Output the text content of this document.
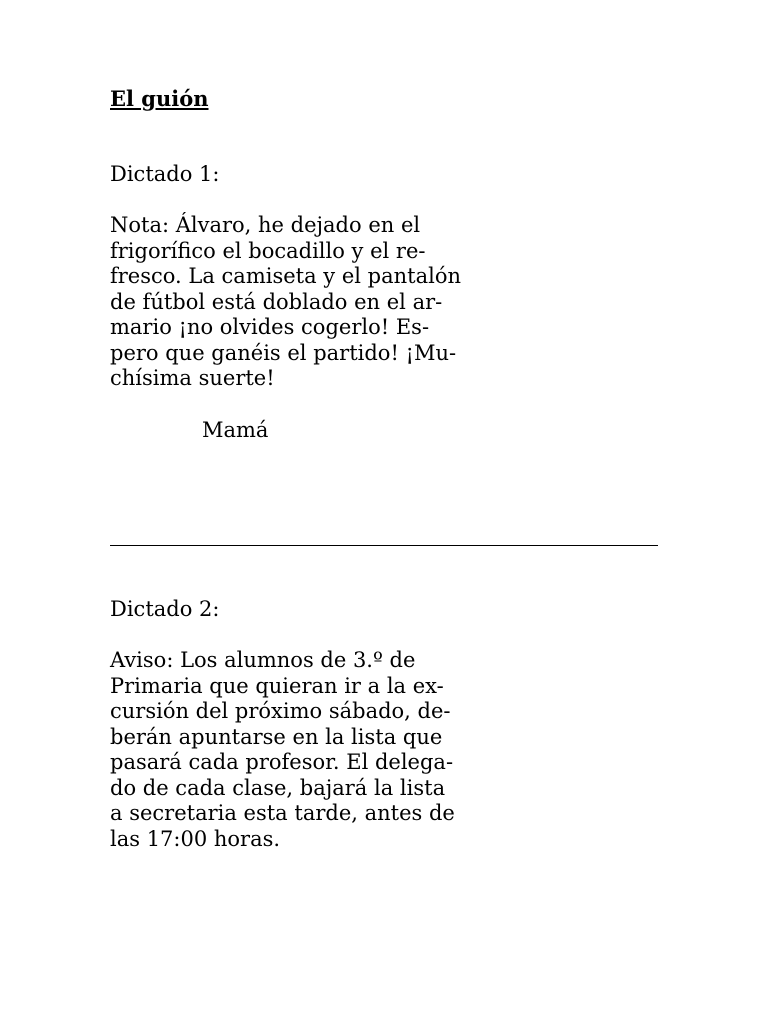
El guión
Dictado 1:
Nota: Álvaro, he dejado en el
frigorífico el bocadillo y el re-
fresco. La camiseta y el pantalón
de fútbol está doblado en el ar-
mario ¡no olvides cogerlo! Es-
pero que ganéis el partido! ¡Mu-
chísima suerte!
Mamá
Dictado 2:
Aviso: Los alumnos de 3.º de
Primaria que quieran ir a la ex-
cursión del próximo sábado, de-
berán apuntarse en la lista que
pasará cada profesor. El delega-
do de cada clase, bajará la lista
a secretaria esta tarde, antes de
las 17:00 horas.
